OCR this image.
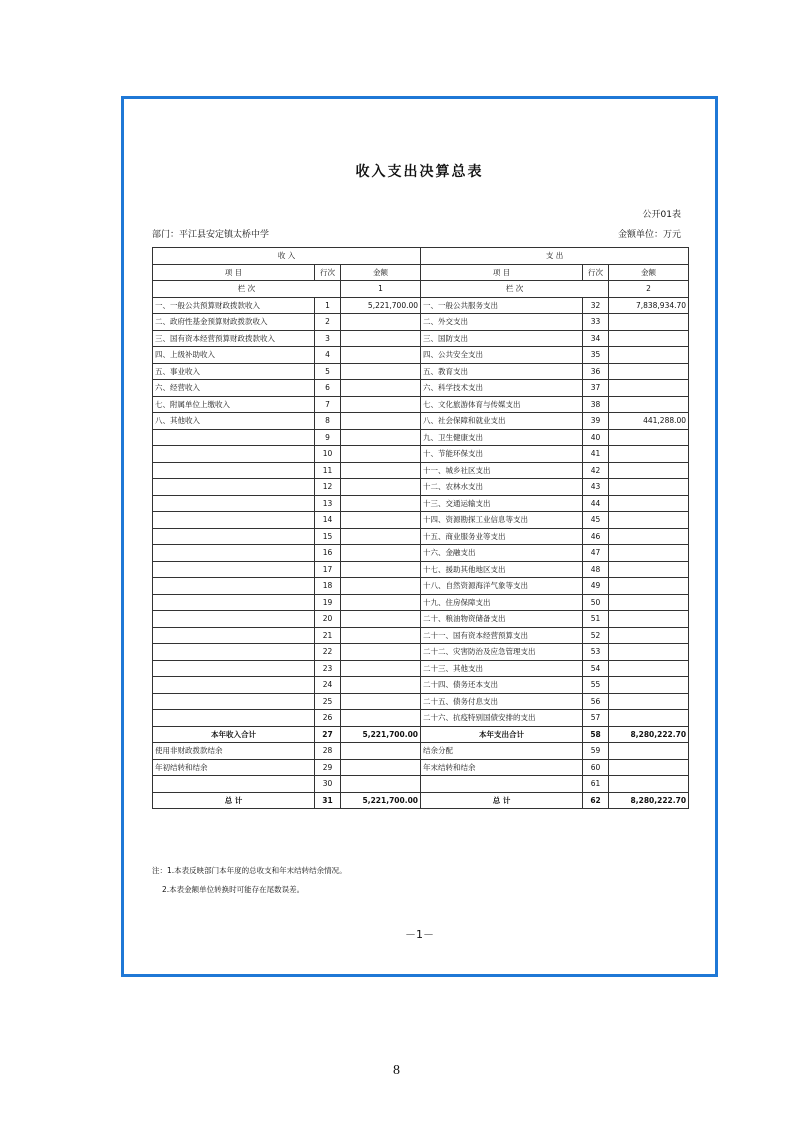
收入支出决算总表
公开01表
部门：平江县安定镇太桥中学	金额单位：万元
收 入			支 出		
项 目	行次	金额	项 目	行次	金额
栏 次		1	栏 次		2
一、一般公共预算财政拨款收入	1	5,221,700.00	一、一般公共服务支出	32	7,838,934.70
二、政府性基金预算财政拨款收入	2		二、外交支出	33	
三、国有资本经营预算财政拨款收入	3		三、国防支出	34	
四、上级补助收入	4		四、公共安全支出	35	
五、事业收入	5		五、教育支出	36	
六、经营收入	6		六、科学技术支出	37	
七、附属单位上缴收入	7		七、文化旅游体育与传媒支出	38	
八、其他收入	8		八、社会保障和就业支出	39	441,288.00
	9		九、卫生健康支出	40	
	10		十、节能环保支出	41	
	11		十一、城乡社区支出	42	
	12		十二、农林水支出	43	
	13		十三、交通运输支出	44	
	14		十四、资源勘探工业信息等支出	45	
	15		十五、商业服务业等支出	46	
	16		十六、金融支出	47	
	17		十七、援助其他地区支出	48	
	18		十八、自然资源海洋气象等支出	49	
	19		十九、住房保障支出	50	
	20		二十、粮油物资储备支出	51	
	21		二十一、国有资本经营预算支出	52	
	22		二十二、灾害防治及应急管理支出	53	
	23		二十三、其他支出	54	
	24		二十四、债务还本支出	55	
	25		二十五、债务付息支出	56	
	26		二十六、抗疫特别国债安排的支出	57	
本年收入合计	27	5,221,700.00	本年支出合计	58	8,280,222.70
使用非财政拨款结余	28		结余分配	59	
年初结转和结余	29		年末结转和结余	60	
	30			61	
总 计	31	5,221,700.00	总 计	62	8,280,222.70
注：1.本表反映部门本年度的总收支和年末结转结余情况。
2.本表金额单位转换时可能存在尾数误差。
－1－
8
